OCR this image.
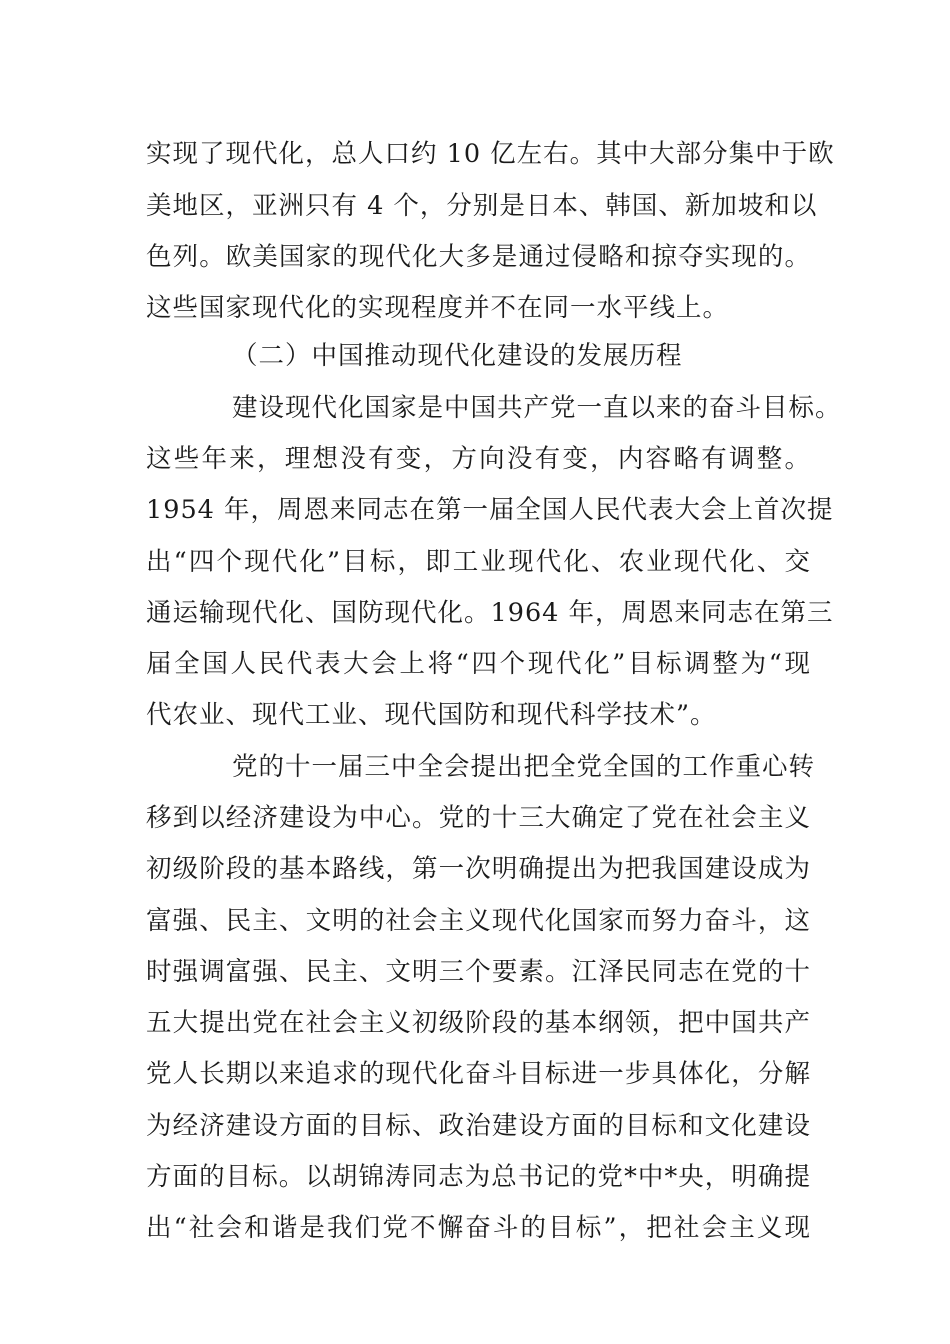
实现了现代化，总人口约 10 亿左右。其中大部分集中于欧
美地区，亚洲只有 4 个，分别是日本、韩国、新加坡和以
色列。欧美国家的现代化大多是通过侵略和掠夺实现的。
这些国家现代化的实现程度并不在同一水平线上。
（二）中国推动现代化建设的发展历程
建设现代化国家是中国共产党一直以来的奋斗目标。
这些年来，理想没有变，方向没有变，内容略有调整。
1954 年，周恩来同志在第一届全国人民代表大会上首次提
出“四个现代化”目标，即工业现代化、农业现代化、交
通运输现代化、国防现代化。1964 年，周恩来同志在第三
届全国人民代表大会上将“四个现代化”目标调整为“现
代农业、现代工业、现代国防和现代科学技术”。
党的十一届三中全会提出把全党全国的工作重心转
移到以经济建设为中心。党的十三大确定了党在社会主义
初级阶段的基本路线，第一次明确提出为把我国建设成为
富强、民主、文明的社会主义现代化国家而努力奋斗，这
时强调富强、民主、文明三个要素。江泽民同志在党的十
五大提出党在社会主义初级阶段的基本纲领，把中国共产
党人长期以来追求的现代化奋斗目标进一步具体化，分解
为经济建设方面的目标、政治建设方面的目标和文化建设
方面的目标。以胡锦涛同志为总书记的党*中*央，明确提
出“社会和谐是我们党不懈奋斗的目标”，把社会主义现
